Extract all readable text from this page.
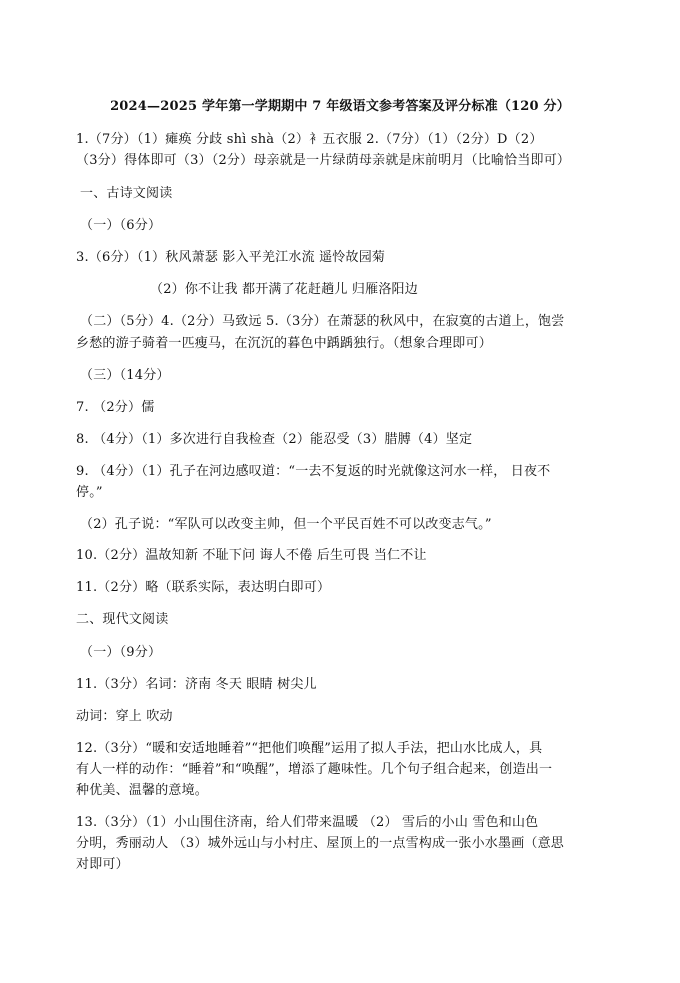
2024—2025 学年第一学期期中 7 年级语文参考答案及评分标准（120 分）
1.（7分）（1）瘫痪 分歧 shì shà（2）衤五衣服 2.（7分）（1）（2分）D（2）
（3分）得体即可（3）（2分）母亲就是一片绿荫母亲就是床前明月（比喻恰当即可）
一、古诗文阅读
（一）（6分）
3.（6分）（1）秋风萧瑟 影入平羌江水流 遥怜故园菊
（2）你不让我 都开满了花赶趟儿 归雁洛阳边
（二）（5分）4.（2分）马致远 5.（3分）在萧瑟的秋风中，在寂寞的古道上，饱尝
乡愁的游子骑着一匹瘦马，在沉沉的暮色中踽踽独行。（想象合理即可）
（三）（14分）
7. （2分）儒
8. （4分）（1）多次进行自我检查（2）能忍受（3）腊膊（4）坚定
9. （4分）（1）孔子在河边感叹道：“一去不复返的时光就像这河水一样， 日夜不
停。”
（2）孔子说：“军队可以改变主帅，但一个平民百姓不可以改变志气。”
10.（2分）温故知新 不耻下问 诲人不倦 后生可畏 当仁不让
11.（2分）略（联系实际，表达明白即可）
二、现代文阅读
（一）（9分）
11.（3分）名词：济南 冬天 眼睛 树尖儿
动词：穿上 吹动
12.（3分）“暖和安适地睡着”“把他们唤醒”运用了拟人手法，把山水比成人，具
有人一样的动作：“睡着”和“唤醒”，增添了趣味性。几个句子组合起来，创造出一
种优美、温馨的意境。
13.（3分）（1）小山围住济南，给人们带来温暖 （2） 雪后的小山 雪色和山色
分明，秀丽动人 （3）城外远山与小村庄、屋顶上的一点雪构成一张小水墨画（意思
对即可）
